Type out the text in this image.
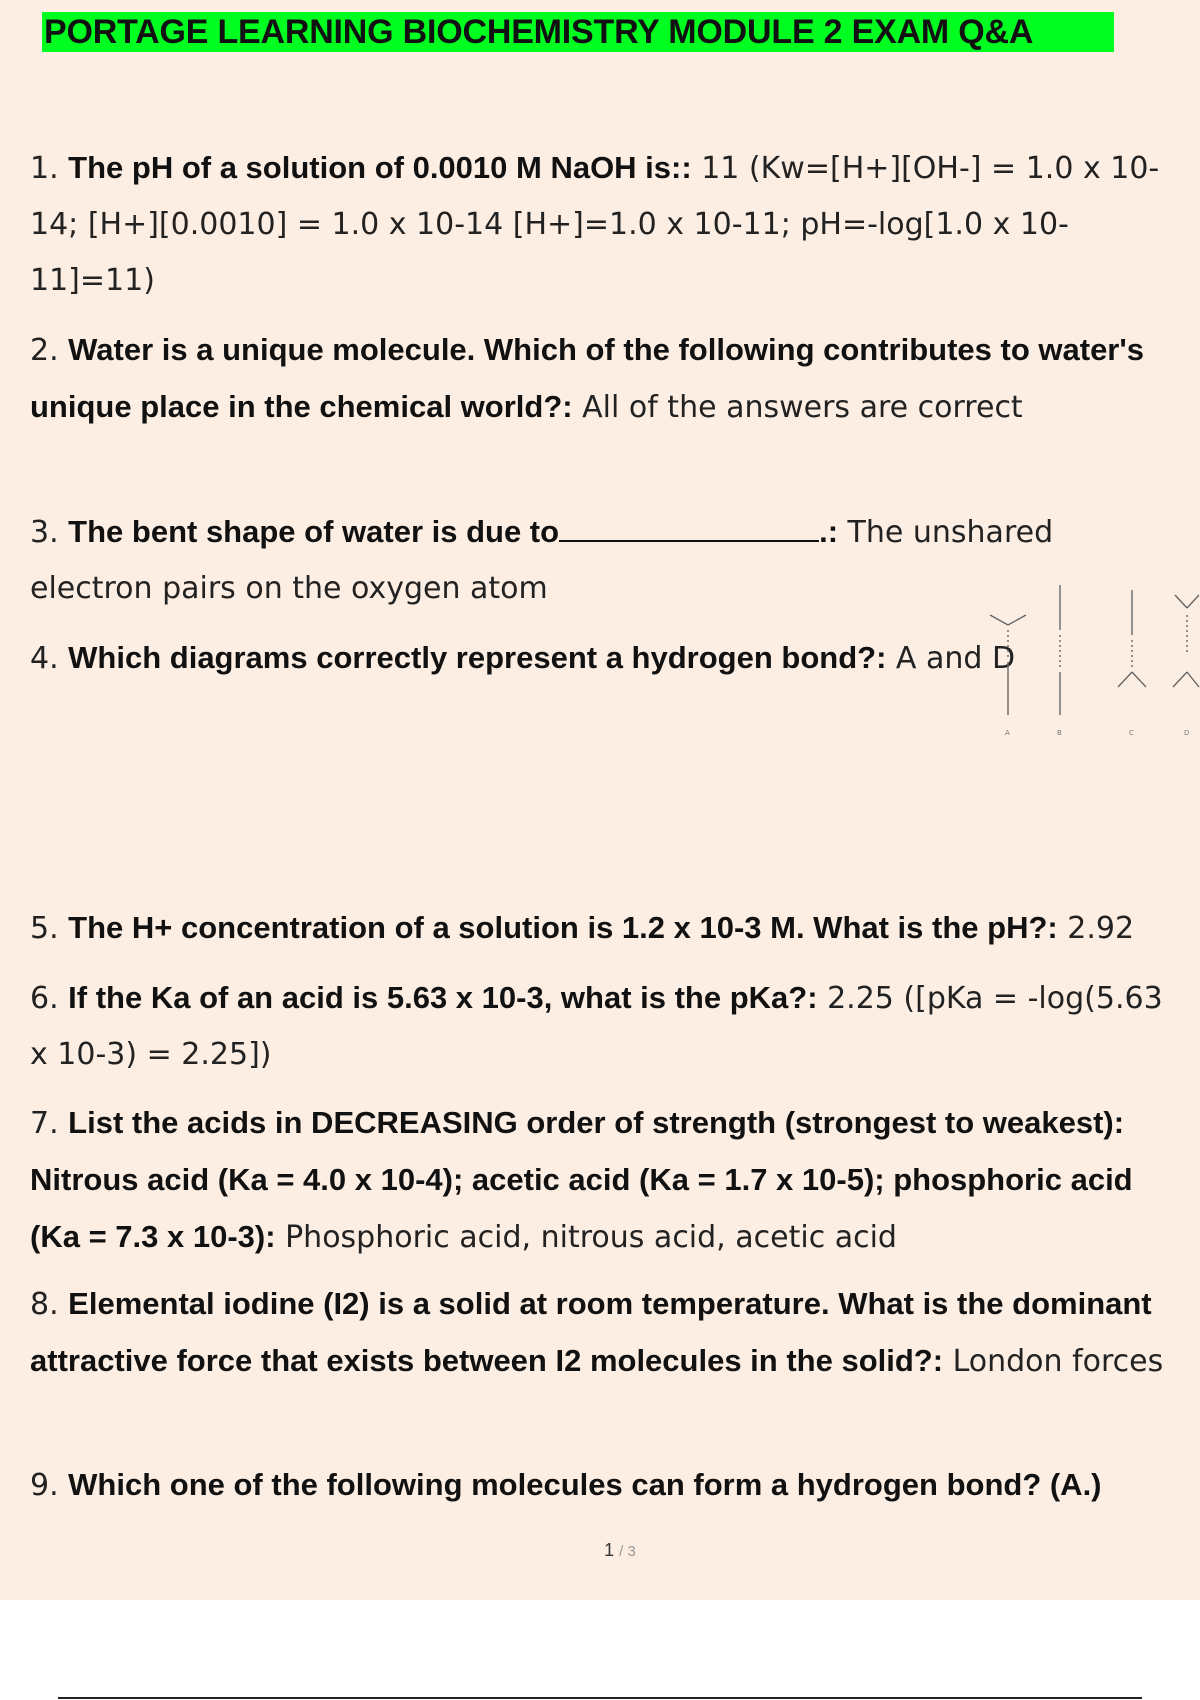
PORTAGE LEARNING BIOCHEMISTRY MODULE 2 EXAM Q&A
1. The pH of a solution of 0.0010 M NaOH is:: 11 (Kw=[H+][OH-] = 1.0 x 10-14; [H+][0.0010] = 1.0 x 10-14 [H+]=1.0 x 10-11; pH=-log[1.0 x 10-11]=11)
2. Water is a unique molecule. Which of the following contributes to water's unique place in the chemical world?: All of the answers are correct
3. The bent shape of water is due to	.: The unshared electron pairs on the oxygen atom
4. Which diagrams correctly represent a hydrogen bond?: A and D
A	B	C	D
5. The H+ concentration of a solution is 1.2 x 10-3 M. What is the pH?: 2.92
6. If the Ka of an acid is 5.63 x 10-3, what is the pKa?: 2.25 ([pKa = -log(5.63 x 10-3) = 2.25])
7. List the acids in DECREASING order of strength (strongest to weakest): Nitrous acid (Ka = 4.0 x 10-4); acetic acid (Ka = 1.7 x 10-5); phosphoric acid (Ka = 7.3 x 10-3): Phosphoric acid, nitrous acid, acetic acid
8. Elemental iodine (I2) is a solid at room temperature. What is the dominant attractive force that exists between I2 molecules in the solid?: London forces
9. Which one of the following molecules can form a hydrogen bond? (A.)
1 / 3
